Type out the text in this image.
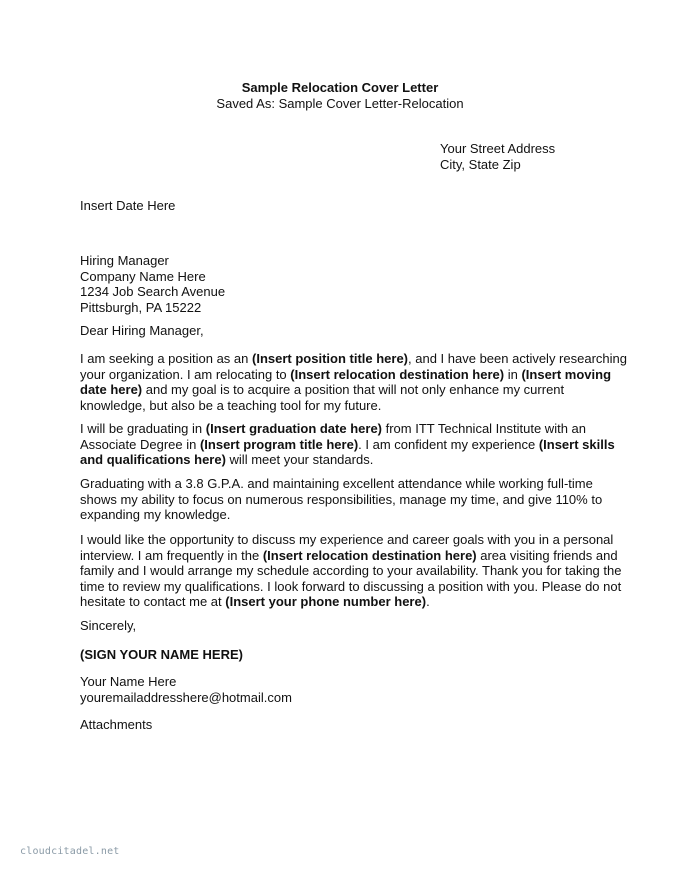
Sample Relocation Cover Letter
Saved As: Sample Cover Letter-Relocation
Your Street Address
City, State Zip
Insert Date Here
Hiring Manager
Company Name Here
1234 Job Search Avenue
Pittsburgh, PA 15222
Dear Hiring Manager,
I am seeking a position as an (Insert position title here), and I have been actively researching
your organization. I am relocating to (Insert relocation destination here) in (Insert moving
date here) and my goal is to acquire a position that will not only enhance my current
knowledge, but also be a teaching tool for my future.
I will be graduating in (Insert graduation date here) from ITT Technical Institute with an
Associate Degree in (Insert program title here). I am confident my experience (Insert skills
and qualifications here) will meet your standards.
Graduating with a 3.8 G.P.A. and maintaining excellent attendance while working full-time
shows my ability to focus on numerous responsibilities, manage my time, and give 110% to
expanding my knowledge.
I would like the opportunity to discuss my experience and career goals with you in a personal
interview. I am frequently in the (Insert relocation destination here) area visiting friends and
family and I would arrange my schedule according to your availability. Thank you for taking the
time to review my qualifications. I look forward to discussing a position with you. Please do not
hesitate to contact me at (Insert your phone number here).
Sincerely,
(SIGN YOUR NAME HERE)
Your Name Here
youremailaddresshere@hotmail.com
Attachments
cloudcitadel.net
